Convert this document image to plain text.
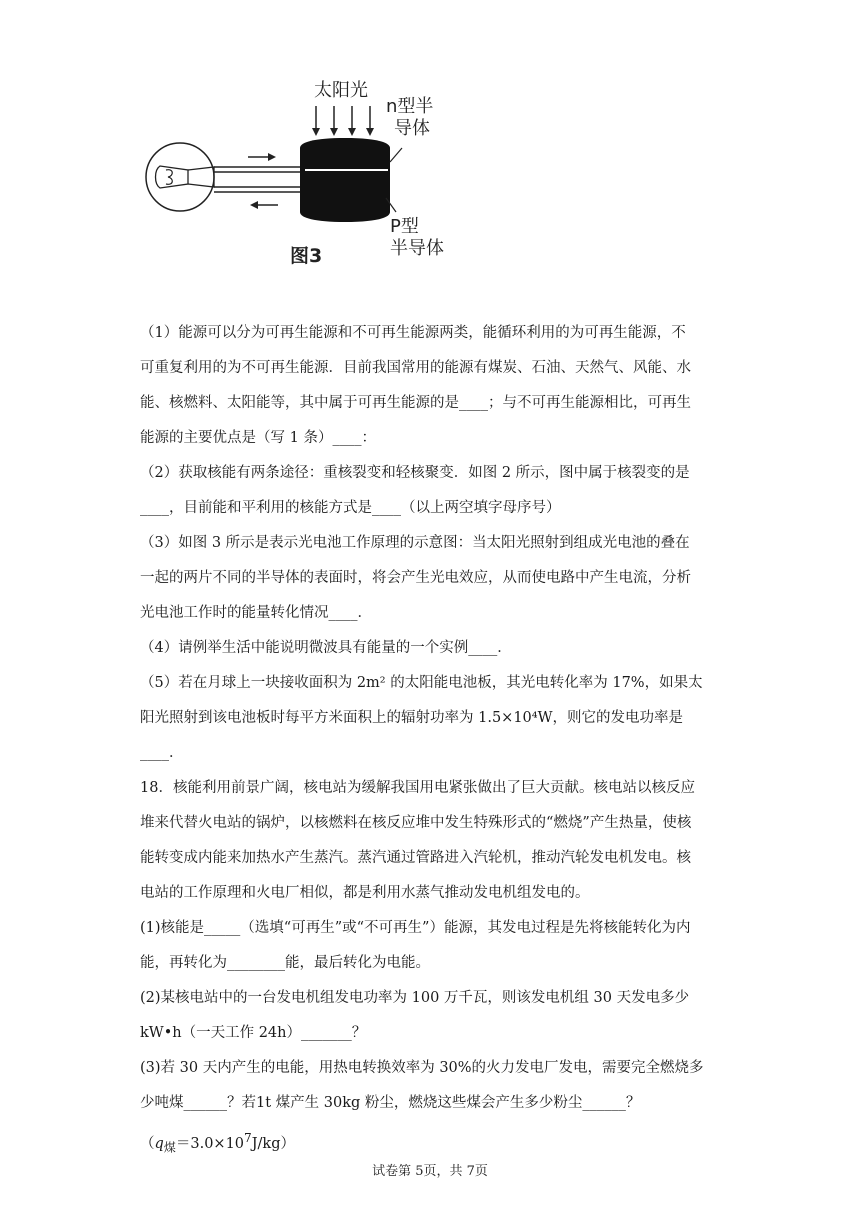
太阳光
n型半
导体
P型
半导体
图3
（1）能源可以分为可再生能源和不可再生能源两类，能循环利用的为可再生能源，不
可重复利用的为不可再生能源．目前我国常用的能源有煤炭、石油、天然气、风能、水
能、核燃料、太阳能等，其中属于可再生能源的是____；与不可再生能源相比，可再生
能源的主要优点是（写 1 条）____：
（2）获取核能有两条途径：重核裂变和轻核聚变．如图 2 所示，图中属于核裂变的是
____，目前能和平利用的核能方式是____（以上两空填字母序号）
（3）如图 3 所示是表示光电池工作原理的示意图：当太阳光照射到组成光电池的叠在
一起的两片不同的半导体的表面时，将会产生光电效应，从而使电路中产生电流，分析
光电池工作时的能量转化情况____．
（4）请例举生活中能说明微波具有能量的一个实例____．
（5）若在月球上一块接收面积为 2m² 的太阳能电池板，其光电转化率为 17%，如果太
阳光照射到该电池板时每平方米面积上的辐射功率为 1.5×10⁴W，则它的发电功率是
____．
18．核能利用前景广阔，核电站为缓解我国用电紧张做出了巨大贡献。核电站以核反应
堆来代替火电站的锅炉，以核燃料在核反应堆中发生特殊形式的“燃烧”产生热量，使核
能转变成内能来加热水产生蒸汽。蒸汽通过管路进入汽轮机，推动汽轮发电机发电。核
电站的工作原理和火电厂相似，都是利用水蒸气推动发电机组发电的。
(1)核能是_____（选填“可再生”或“不可再生”）能源，其发电过程是先将核能转化为内
能，再转化为________能，最后转化为电能。
(2)某核电站中的一台发电机组发电功率为 100 万千瓦，则该发电机组 30 天发电多少
kW•h（一天工作 24h）_______？
(3)若 30 天内产生的电能，用热电转换效率为 30%的火力发电厂发电，需要完全燃烧多
少吨煤______？若1t 煤产生 30kg 粉尘，燃烧这些煤会产生多少粉尘______？
$(q_煤=3.0\times 10^7J/kg)$
试卷第 5页，共 7页
